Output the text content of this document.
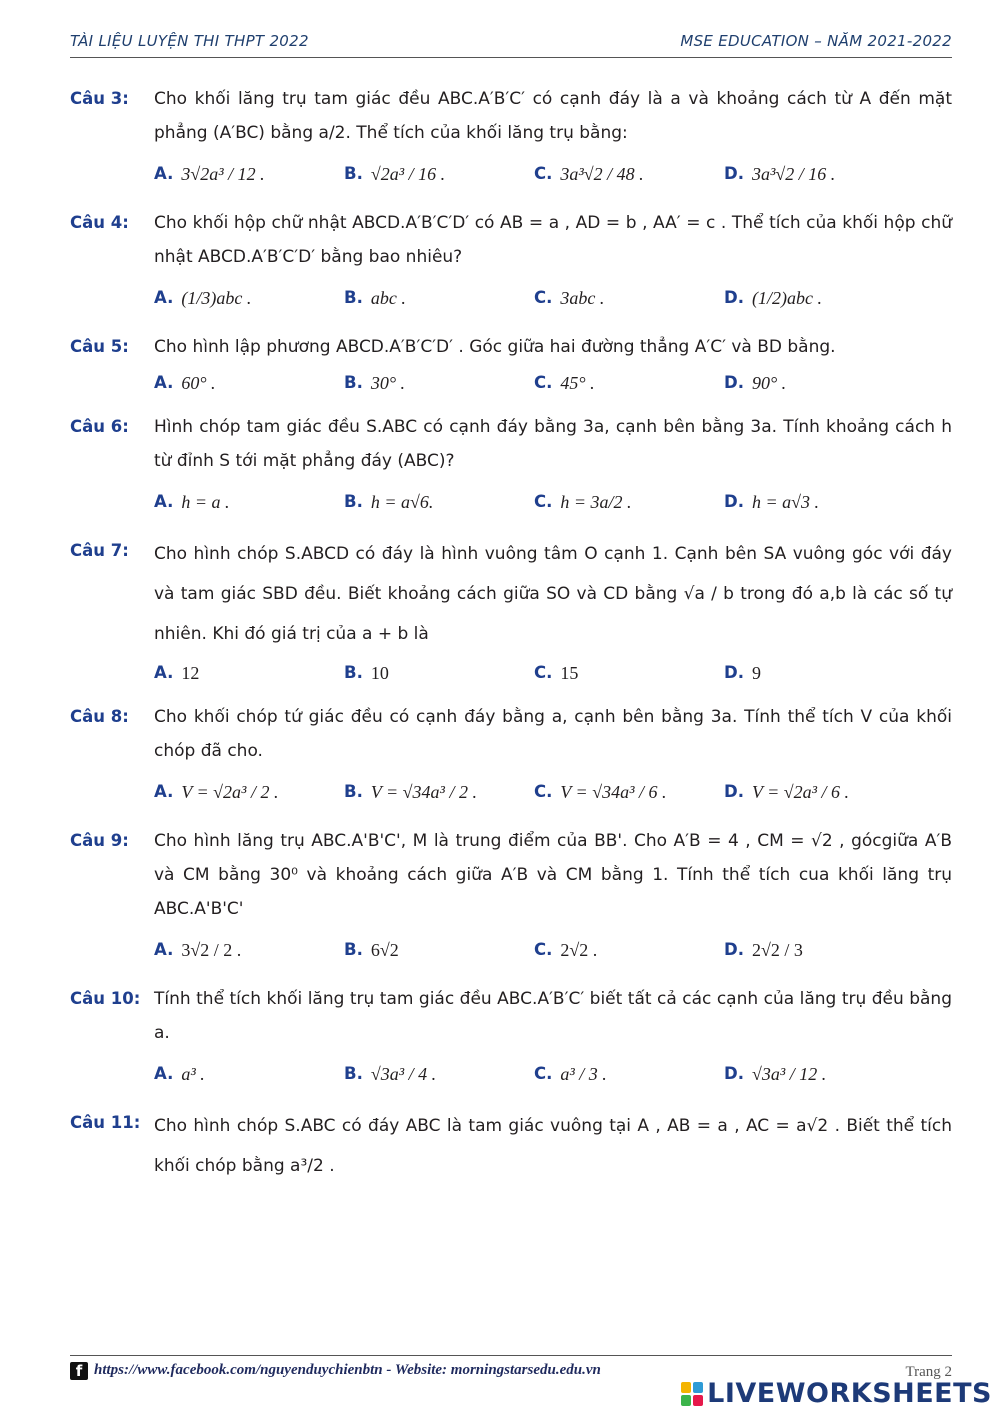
TÀI LIỆU LUYỆN THI THPT 2022	MSE EDUCATION – NĂM 2021-2022
Câu 3: Cho khối lăng trụ tam giác đều ABC.A′B′C′ có cạnh đáy là a và khoảng cách từ A đến mặt phẳng (A′BC) bằng a/2. Thể tích của khối lăng trụ bằng:
A. 3√2a³ / 12 .	B. √2a³ / 16 .	C. 3a³√2 / 48 .	D. 3a³√2 / 16 .
Câu 4: Cho khối hộp chữ nhật ABCD.A′B′C′D′ có AB = a , AD = b , AA′ = c . Thể tích của khối hộp chữ nhật ABCD.A′B′C′D′ bằng bao nhiêu?
A. (1/3)abc .	B. abc .	C. 3abc .	D. (1/2)abc .
Câu 5: Cho hình lập phương ABCD.A′B′C′D′ . Góc giữa hai đường thẳng A′C′ và BD bằng.
A. 60° .	B. 30° .	C. 45° .	D. 90° .
Câu 6: Hình chóp tam giác đều S.ABC có cạnh đáy bằng 3a, cạnh bên bằng 3a. Tính khoảng cách h từ đỉnh S tới mặt phẳng đáy (ABC)?
A. h = a .	B. h = a√6.	C. h = 3a/2 .	D. h = a√3 .
Câu 7: Cho hình chóp S.ABCD có đáy là hình vuông tâm O cạnh 1. Cạnh bên SA vuông góc với đáy và tam giác SBD đều. Biết khoảng cách giữa SO và CD bằng √a / b trong đó a,b là các số tự nhiên. Khi đó giá trị của a + b là
A. 12	B. 10	C. 15	D. 9
Câu 8: Cho khối chóp tứ giác đều có cạnh đáy bằng a, cạnh bên bằng 3a. Tính thể tích V của khối chóp đã cho.
A. V = √2a³ / 2 .	B. V = √34a³ / 2 .	C. V = √34a³ / 6 .	D. V = √2a³ / 6 .
Câu 9: Cho hình lăng trụ ABC.A'B'C', M là trung điểm của BB'. Cho A′B = 4 , CM = √2 , gócgiữa A′B và CM bằng 30⁰ và khoảng cách giữa A′B và CM bằng 1. Tính thể tích cua khối lăng trụ ABC.A'B'C'
A. 3√2 / 2 .	B. 6√2	C. 2√2 .	D. 2√2 / 3
Câu 10: Tính thể tích khối lăng trụ tam giác đều ABC.A′B′C′ biết tất cả các cạnh của lăng trụ đều bằng a.
A. a³ .	B. √3a³ / 4 .	C. a³ / 3 .	D. √3a³ / 12 .
Câu 11: Cho hình chóp S.ABC có đáy ABC là tam giác vuông tại A , AB = a , AC = a√2 . Biết thể tích khối chóp bằng a³/2 .
f https://www.facebook.com/nguyenduychienbtn - Website: morningstarsedu.edu.vn	Trang 2
LIVEWORKSHEETS
